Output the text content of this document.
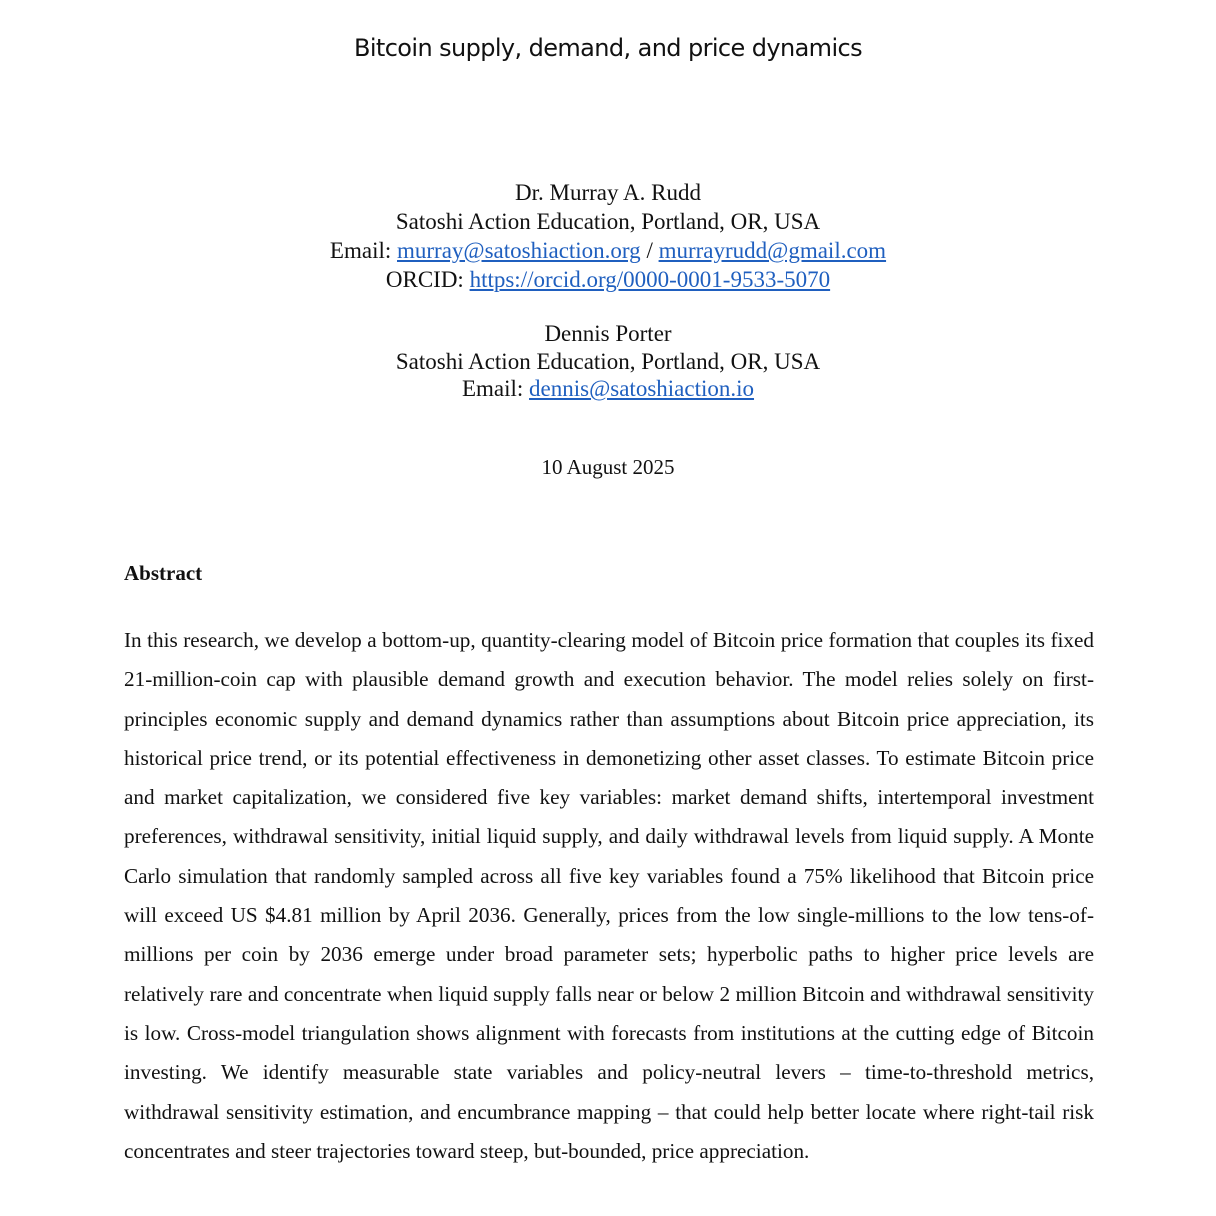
Bitcoin supply, demand, and price dynamics
Dr. Murray A. Rudd
Satoshi Action Education, Portland, OR, USA
Email: murray@satoshiaction.org / murrayrudd@gmail.com
ORCID: https://orcid.org/0000-0001-9533-5070
Dennis Porter
Satoshi Action Education, Portland, OR, USA
Email: dennis@satoshiaction.io
10 August 2025
Abstract
In this research, we develop a bottom-up, quantity-clearing model of Bitcoin price formation that couples its fixed 21-million-coin cap with plausible demand growth and execution behavior. The model relies solely on first-principles economic supply and demand dynamics rather than assumptions about Bitcoin price appreciation, its historical price trend, or its potential effectiveness in demonetizing other asset classes. To estimate Bitcoin price and market capitalization, we considered five key variables: market demand shifts, intertemporal investment preferences, withdrawal sensitivity, initial liquid supply, and daily withdrawal levels from liquid supply. A Monte Carlo simulation that randomly sampled across all five key variables found a 75% likelihood that Bitcoin price will exceed US $4.81 million by April 2036. Generally, prices from the low single-millions to the low tens-of-millions per coin by 2036 emerge under broad parameter sets; hyperbolic paths to higher price levels are relatively rare and concentrate when liquid supply falls near or below 2 million Bitcoin and withdrawal sensitivity is low. Cross-model triangulation shows alignment with forecasts from institutions at the cutting edge of Bitcoin investing. We identify measurable state variables and policy-neutral levers – time-to-threshold metrics, withdrawal sensitivity estimation, and encumbrance mapping – that could help better locate where right-tail risk concentrates and steer trajectories toward steep, but-bounded, price appreciation.
